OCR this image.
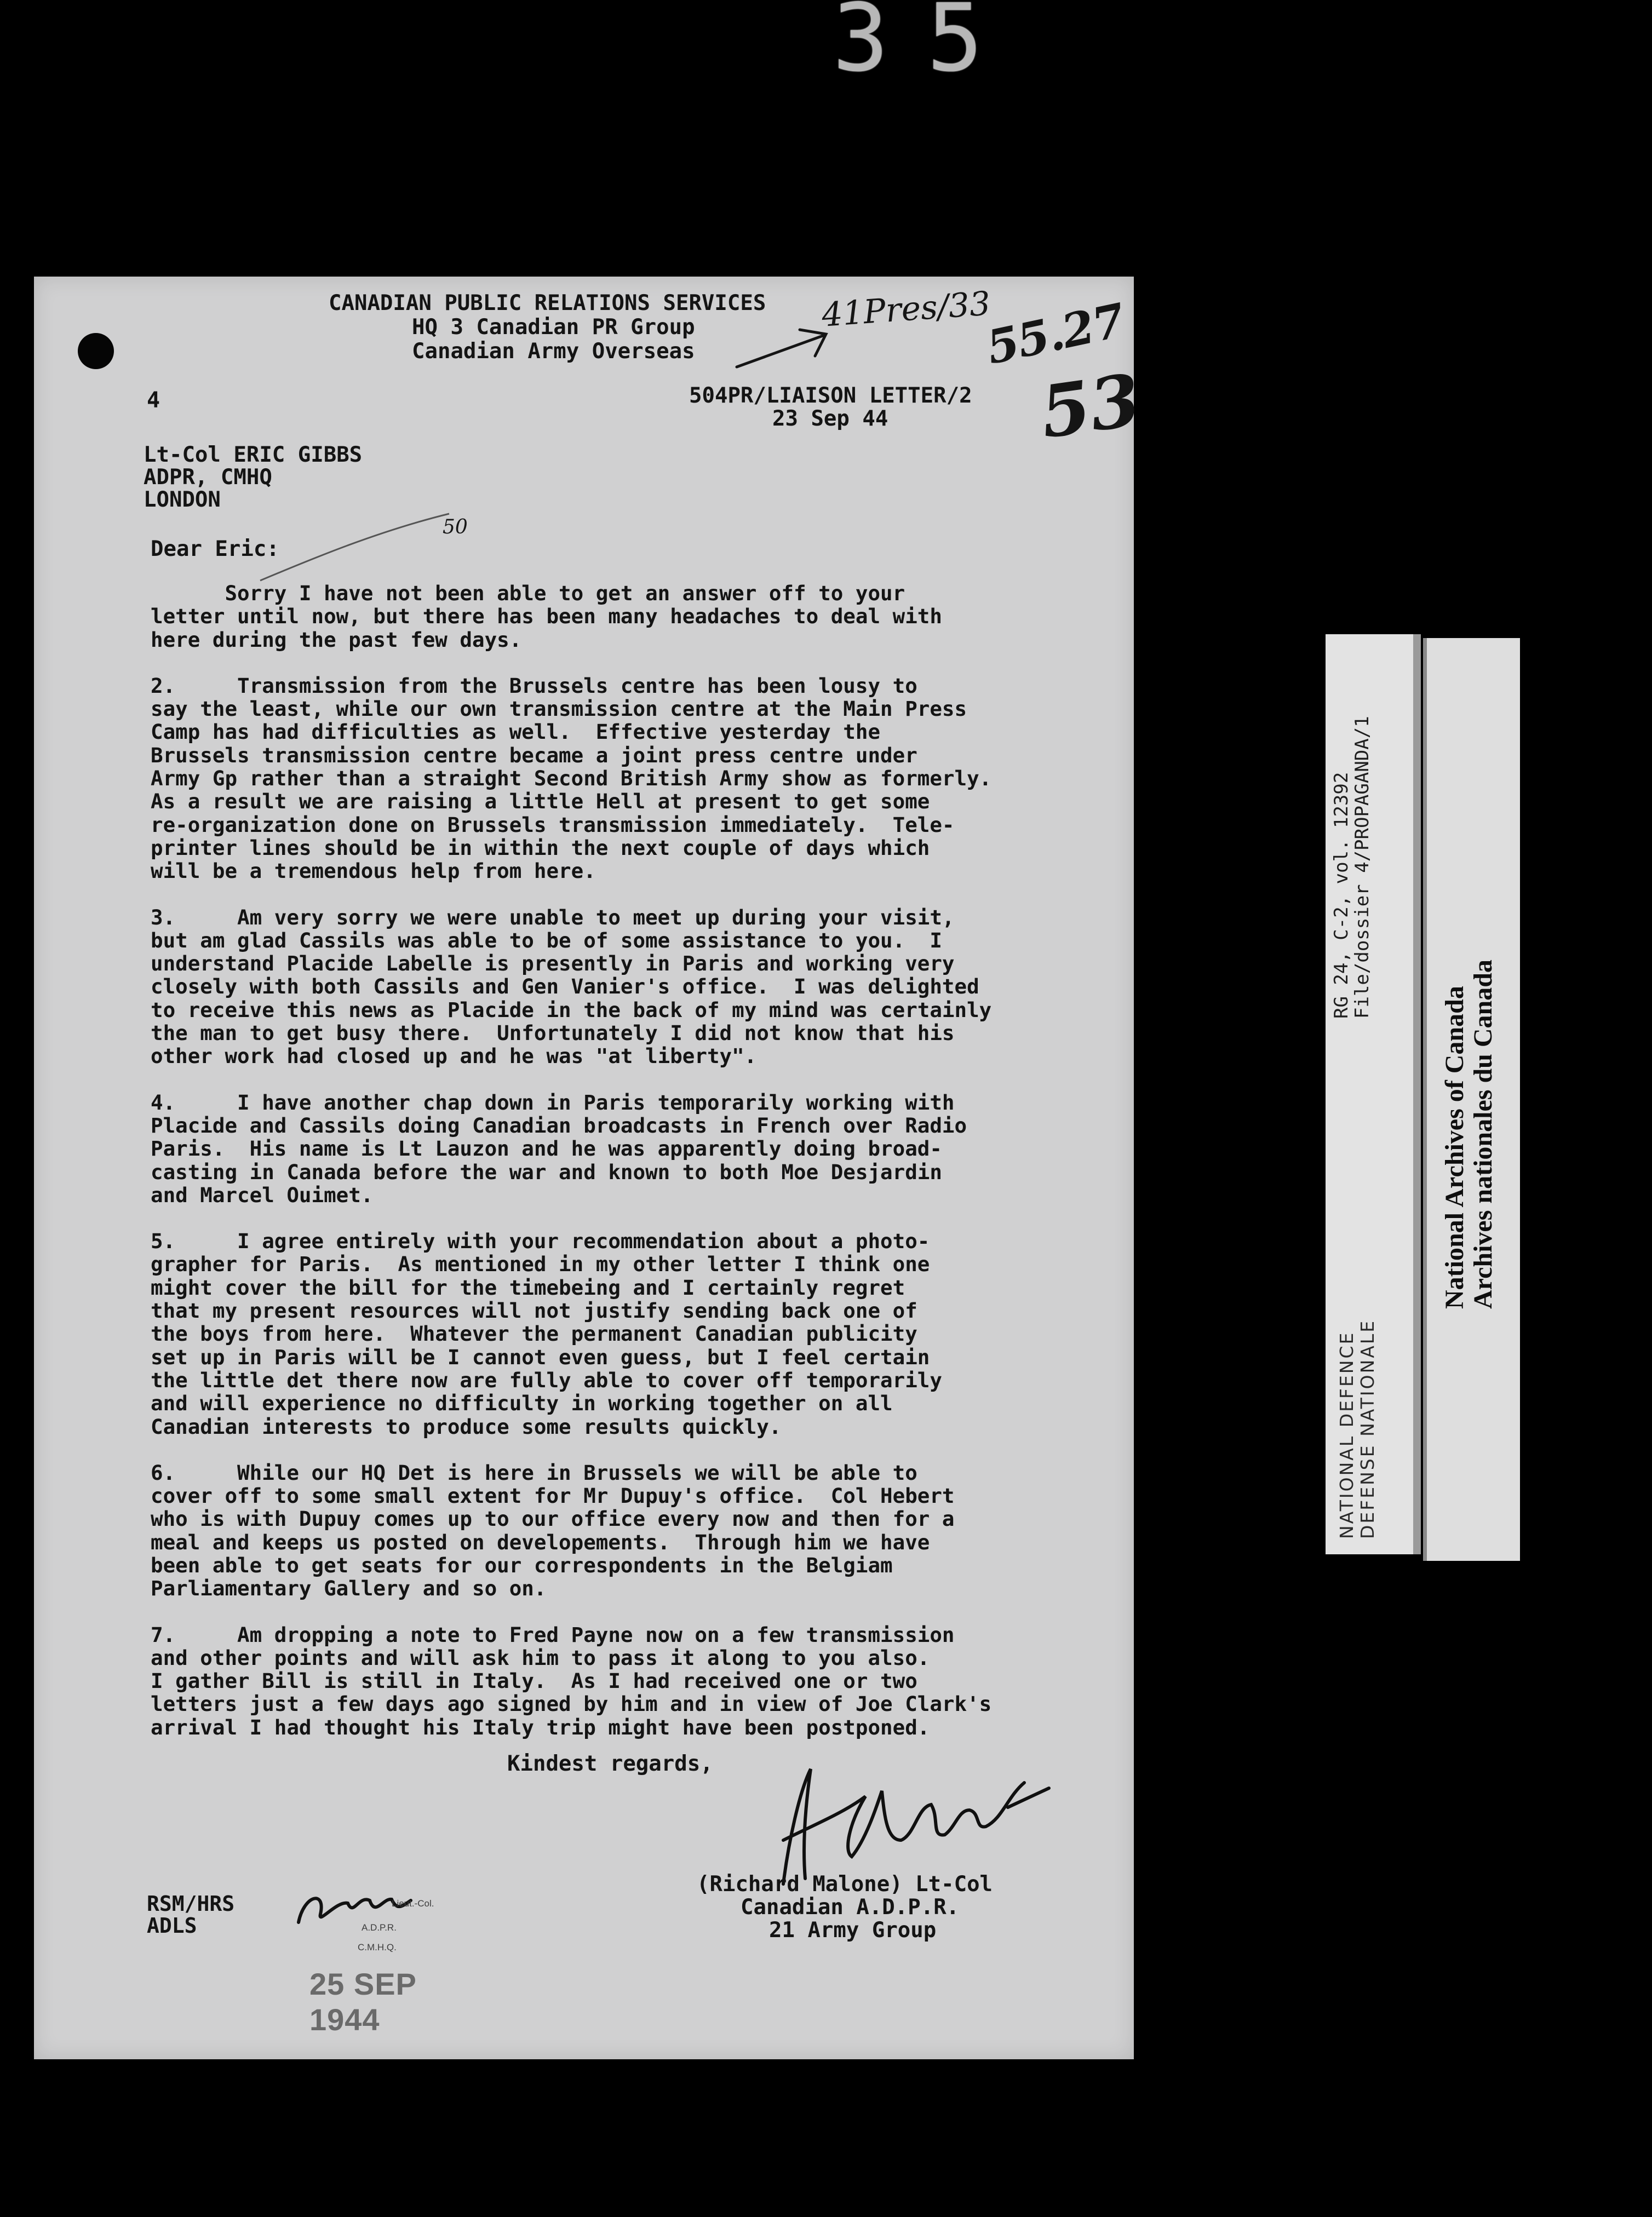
35
CANADIAN PUBLIC RELATIONS SERVICES
HQ 3 Canadian PR Group
Canadian Army Overseas
41Pres/33
55.27
53
504PR/LIAISON LETTER/2
23 Sep 44
4
Lt-Col ERIC GIBBS
ADPR, CMHQ
LONDON
50
Dear Eric:
Sorry I have not been able to get an answer off to your
letter until now, but there has been many headaches to deal with
here during the past few days.
2.     Transmission from the Brussels centre has been lousy to
say the least, while our own transmission centre at the Main Press
Camp has had difficulties as well.  Effective yesterday the
Brussels transmission centre became a joint press centre under
Army Gp rather than a straight Second British Army show as formerly.
As a result we are raising a little Hell at present to get some
re-organization done on Brussels transmission immediately.  Tele-
printer lines should be in within the next couple of days which
will be a tremendous help from here.
3.     Am very sorry we were unable to meet up during your visit,
but am glad Cassils was able to be of some assistance to you.  I
understand Placide Labelle is presently in Paris and working very
closely with both Cassils and Gen Vanier's office.  I was delighted
to receive this news as Placide in the back of my mind was certainly
the man to get busy there.  Unfortunately I did not know that his
other work had closed up and he was "at liberty".
4.     I have another chap down in Paris temporarily working with
Placide and Cassils doing Canadian broadcasts in French over Radio
Paris.  His name is Lt Lauzon and he was apparently doing broad-
casting in Canada before the war and known to both Moe Desjardin
and Marcel Ouimet.
5.     I agree entirely with your recommendation about a photo-
grapher for Paris.  As mentioned in my other letter I think one
might cover the bill for the timebeing and I certainly regret
that my present resources will not justify sending back one of
the boys from here.  Whatever the permanent Canadian publicity
set up in Paris will be I cannot even guess, but I feel certain
the little det there now are fully able to cover off temporarily
and will experience no difficulty in working together on all
Canadian interests to produce some results quickly.
6.     While our HQ Det is here in Brussels we will be able to
cover off to some small extent for Mr Dupuy's office.  Col Hebert
who is with Dupuy comes up to our office every now and then for a
meal and keeps us posted on developements.  Through him we have
been able to get seats for our correspondents in the Belgiam
Parliamentary Gallery and so on.
7.     Am dropping a note to Fred Payne now on a few transmission
and other points and will ask him to pass it along to you also.
I gather Bill is still in Italy.  As I had received one or two
letters just a few days ago signed by him and in view of Joe Clark's
arrival I had thought his Italy trip might have been postponed.
Kindest regards,
(Richard Malone) Lt-Col
Canadian A.D.P.R.
21 Army Group
RSM/HRS
ADLS
Lieut.-Col.
A.D.P.R.
C.M.H.Q.
25 SEP 1944
RG 24, C-2, vol. 12392
File/dossier 4/PROPAGANDA/1
NATIONAL DEFENCE DEFENSE NATIONALE
National Archives of Canada Archives nationales du Canada
